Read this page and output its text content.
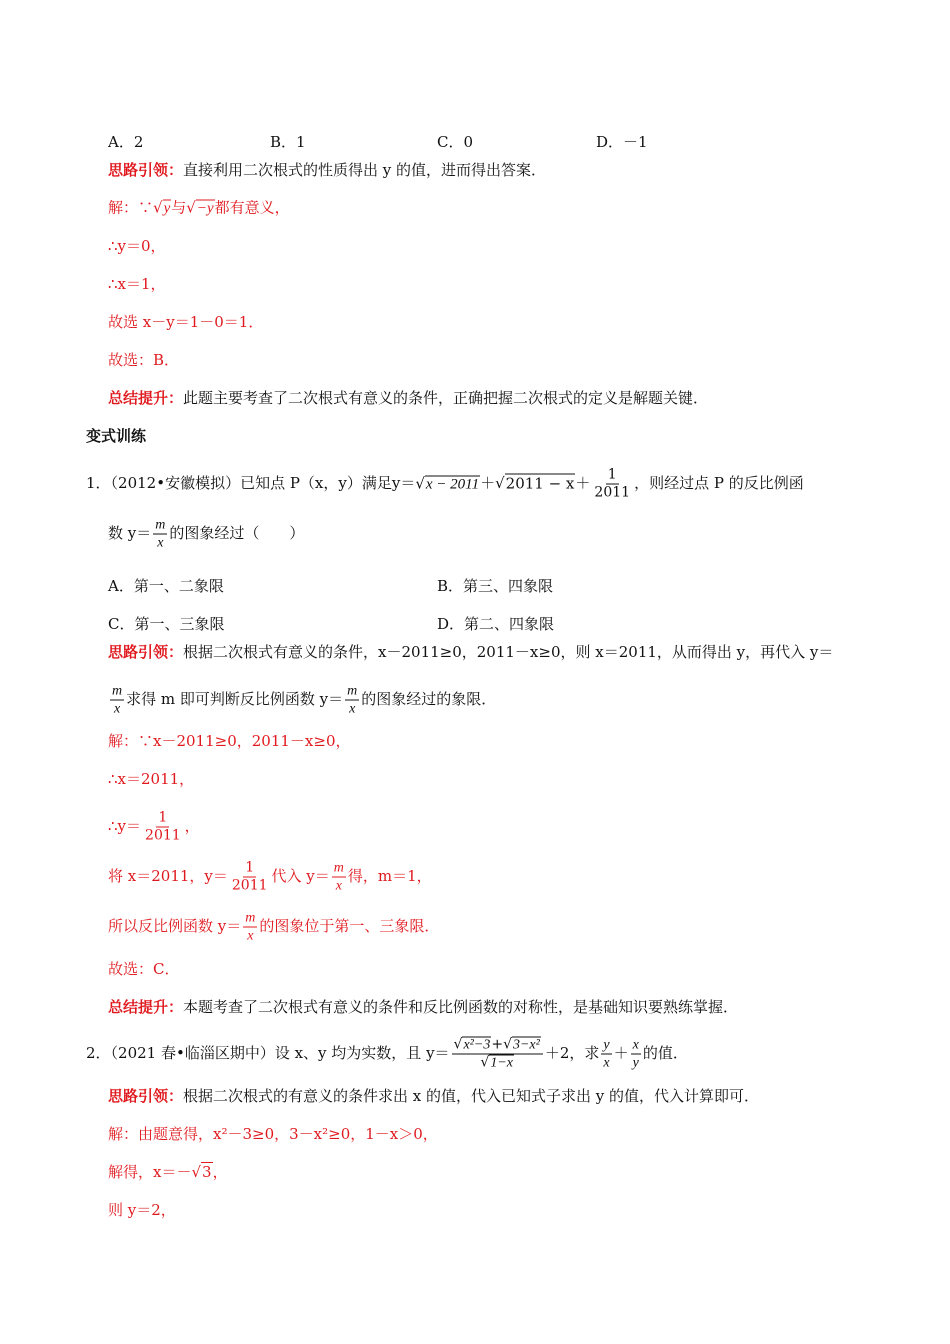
A．2	B．1	C．0	D．－1
思路引领：直接利用二次根式的性质得出 y 的值，进而得出答案．
解：∵√y与√−y都有意义，
∴y＝0，
∴x＝1，
故选 x－y＝1－0＝1．
故选：B．
总结提升：此题主要考查了二次根式有意义的条件，正确把握二次根式的定义是解题关键．
变式训练
1．（2012•安徽模拟）已知点 P（x，y）满足$y=√x - 2011+√2011 - x+ \frac{1}{2011}$ ，则经过点 P 的反比例函
数 $y= \frac{m}{x}$ 的图象经过（　　）
A．第一、二象限	B．第三、四象限
C．第一、三象限	D．第二、四象限
思路引领：根据二次根式有意义的条件，x－2011≥0，2011－x≥0，则 x＝2011，从而得出 y，再代入 y＝
$\frac{m}{x}$ 求得 m 即可判断反比例函数 $y= \frac{m}{x}$ 的图象经过的象限．
解：∵x－2011≥0，2011－x≥0，
∴x＝2011，
∴y＝ $\frac{1}{2011}$ ，
将 x＝2011，$y= \frac{1}{2011}$ 代入 $y= \frac{m}{x}$ 得，m＝1，
所以反比例函数 $y= \frac{m}{x}$ 的图象位于第一、三象限．
故选：C．
总结提升：本题考查了二次根式有意义的条件和反比例函数的对称性，是基础知识要熟练掌握．
2．（2021 春•临淄区期中）设 x、y 均为实数，且 $y= \frac{\text{√x²−3+√3−x²}}{√1-x} +2$，求 $\frac{y}{x} + \frac{x}{y}$ 的值．
思路引领：根据二次根式的有意义的条件求出 x 的值，代入已知式子求出 y 的值，代入计算即可．
解：由题意得，x²－3≥0，3－x²≥0，1－x＞0，
解得，x＝－√3，
则 y＝2，
